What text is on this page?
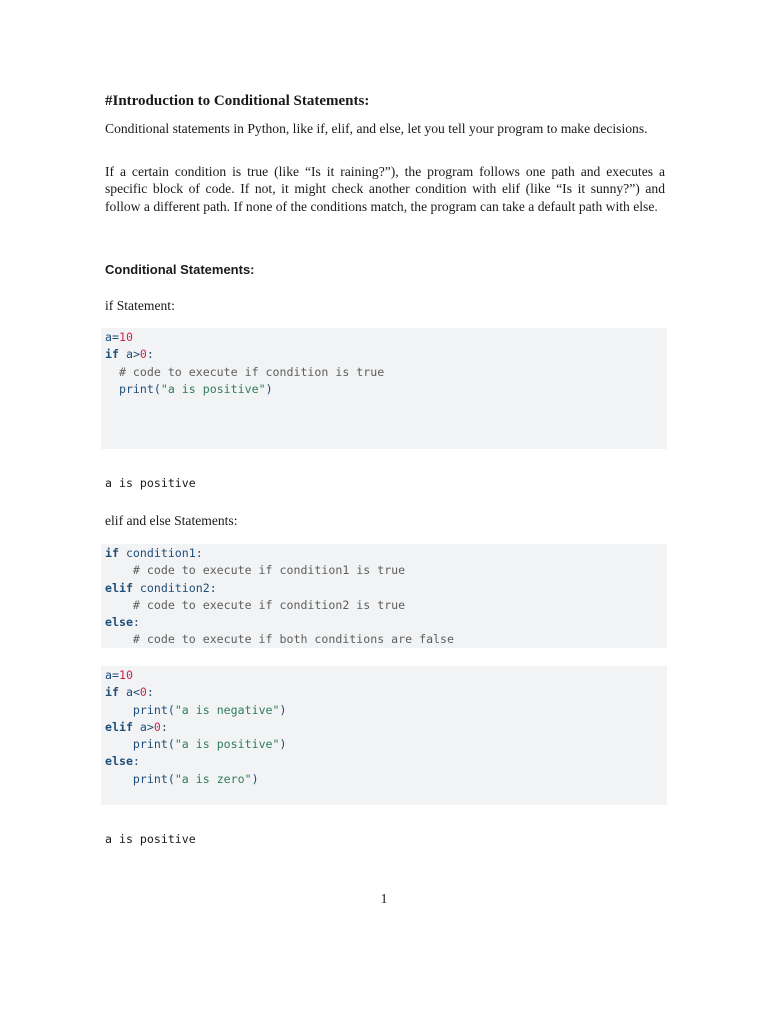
#Introduction to Conditional Statements:

Conditional statements in Python, like if, elif, and else, let you tell your program to make decisions.

If a certain condition is true (like “Is it raining?”), the program follows one path and executes a specific block of code. If not, it might check another condition with elif (like “Is it sunny?”) and follow a different path. If none of the conditions match, the program can take a default path with else.

Conditional Statements:
if Statement:
a=10
if a>0:
# code to execute if condition is true
print("a is positive")
a is positive
elif and else Statements:
if condition1:
# code to execute if condition1 is true
elif condition2:
# code to execute if condition2 is true
else:
# code to execute if both conditions are false
a=10
if a<0:
print("a is negative")
elif a>0:
print("a is positive")
else:
print("a is zero")
a is positive
1
